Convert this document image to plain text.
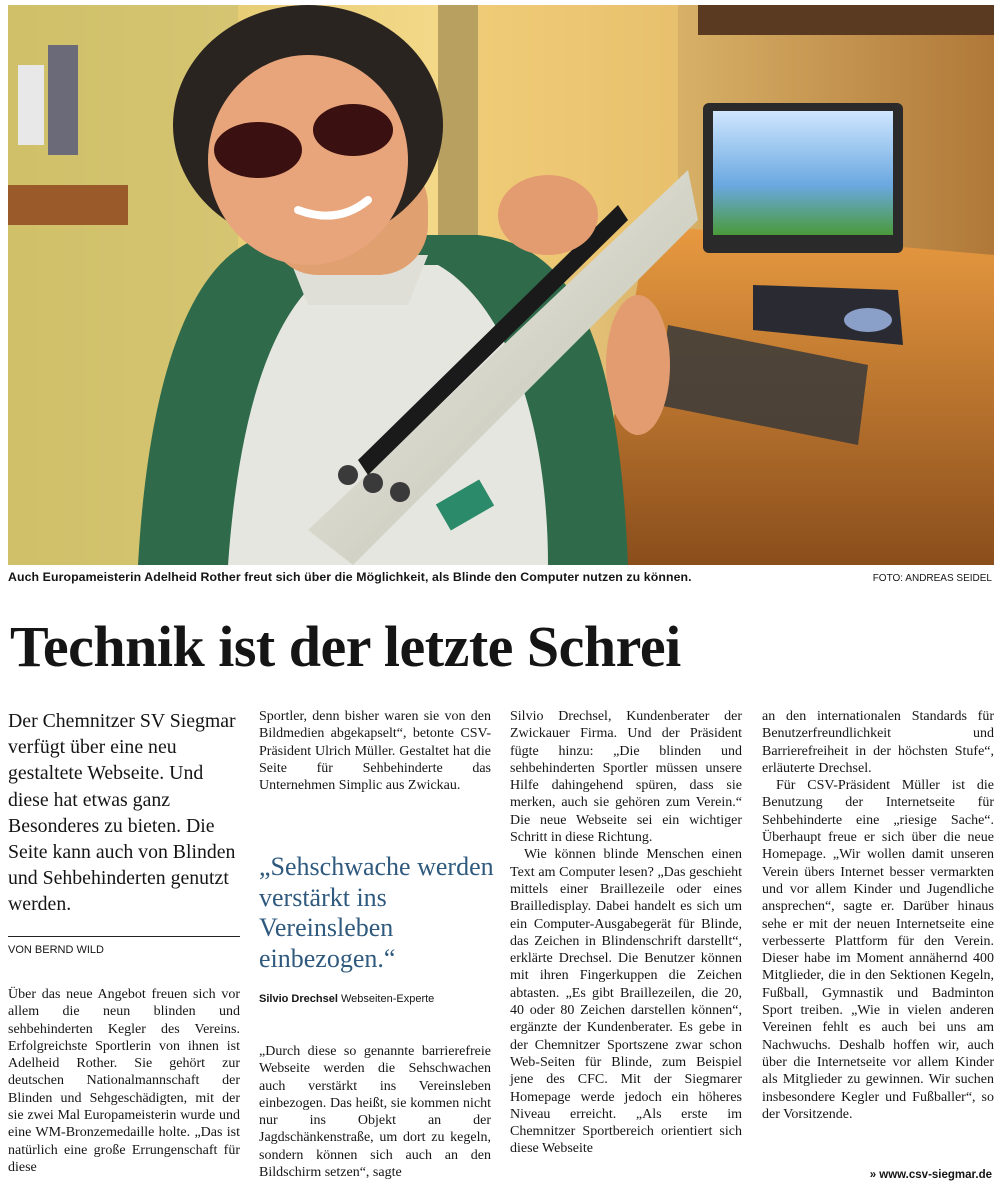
Auch Europameisterin Adelheid Rother freut sich über die Möglichkeit, als Blinde den Computer nutzen zu können.	FOTO: ANDREAS SEIDEL
Technik ist der letzte Schrei
Der Chemnitzer SV Siegmar verfügt über eine neu gestaltete Webseite. Und diese hat etwas ganz Besonderes zu bieten. Die Seite kann auch von Blinden und Sehbehinderten genutzt werden.
VON BERND WILD

Über das neue Angebot freuen sich vor allem die neun blinden und sehbehinderten Kegler des Vereins. Erfolgreichste Sportlerin von ihnen ist Adelheid Rother. Sie gehört zur deutschen Nationalmannschaft der Blinden und Sehgeschädigten, mit der sie zwei Mal Europameisterin wurde und eine WM-Bronzemedaille holte. „Das ist natürlich eine große Errungenschaft für diese

Sportler, denn bisher waren sie von den Bildmedien abgekapselt“, betonte CSV-Präsident Ulrich Müller. Gestaltet hat die Seite für Sehbehinderte das Unternehmen Simplic aus Zwickau.

„Sehschwache werden verstärkt ins Vereinsleben einbezogen.“
Silvio Drechsel Webseiten-Experte

„Durch diese so genannte barrierefreie Webseite werden die Sehschwachen auch verstärkt ins Vereinsleben einbezogen. Das heißt, sie kommen nicht nur ins Objekt an der Jagdschänkenstraße, um dort zu kegeln, sondern können sich auch an den Bildschirm setzen“, sagte

Silvio Drechsel, Kundenberater der Zwickauer Firma. Und der Präsident fügte hinzu: „Die blinden und sehbehinderten Sportler müssen unsere Hilfe dahingehend spüren, dass sie merken, auch sie gehören zum Verein.“ Die neue Webseite sei ein wichtiger Schritt in diese Richtung.

Wie können blinde Menschen einen Text am Computer lesen? „Das geschieht mittels einer Braillezeile oder eines Brailledisplay. Dabei handelt es sich um ein Computer-Ausgabegerät für Blinde, das Zeichen in Blindenschrift darstellt“, erklärte Drechsel. Die Benutzer können mit ihren Fingerkuppen die Zeichen abtasten. „Es gibt Braillezeilen, die 20, 40 oder 80 Zeichen darstellen können“, ergänzte der Kundenberater. Es gebe in der Chemnitzer Sportszene zwar schon Web-Seiten für Blinde, zum Beispiel jene des CFC. Mit der Siegmarer Homepage werde jedoch ein höheres Niveau erreicht. „Als erste im Chemnitzer Sportbereich orientiert sich diese Webseite

an den internationalen Standards für Benutzerfreundlichkeit und Barrierefreiheit in der höchsten Stufe“, erläuterte Drechsel.

Für CSV-Präsident Müller ist die Benutzung der Internetseite für Sehbehinderte eine „riesige Sache“. Überhaupt freue er sich über die neue Homepage. „Wir wollen damit unseren Verein übers Internet besser vermarkten und vor allem Kinder und Jugendliche ansprechen“, sagte er. Darüber hinaus sehe er mit der neuen Internetseite eine verbesserte Plattform für den Verein. Dieser habe im Moment annähernd 400 Mitglieder, die in den Sektionen Kegeln, Fußball, Gymnastik und Badminton Sport treiben. „Wie in vielen anderen Vereinen fehlt es auch bei uns am Nachwuchs. Deshalb hoffen wir, auch über die Internetseite vor allem Kinder als Mitglieder zu gewinnen. Wir suchen insbesondere Kegler und Fußballer“, so der Vorsitzende.

» www.csv-siegmar.de
